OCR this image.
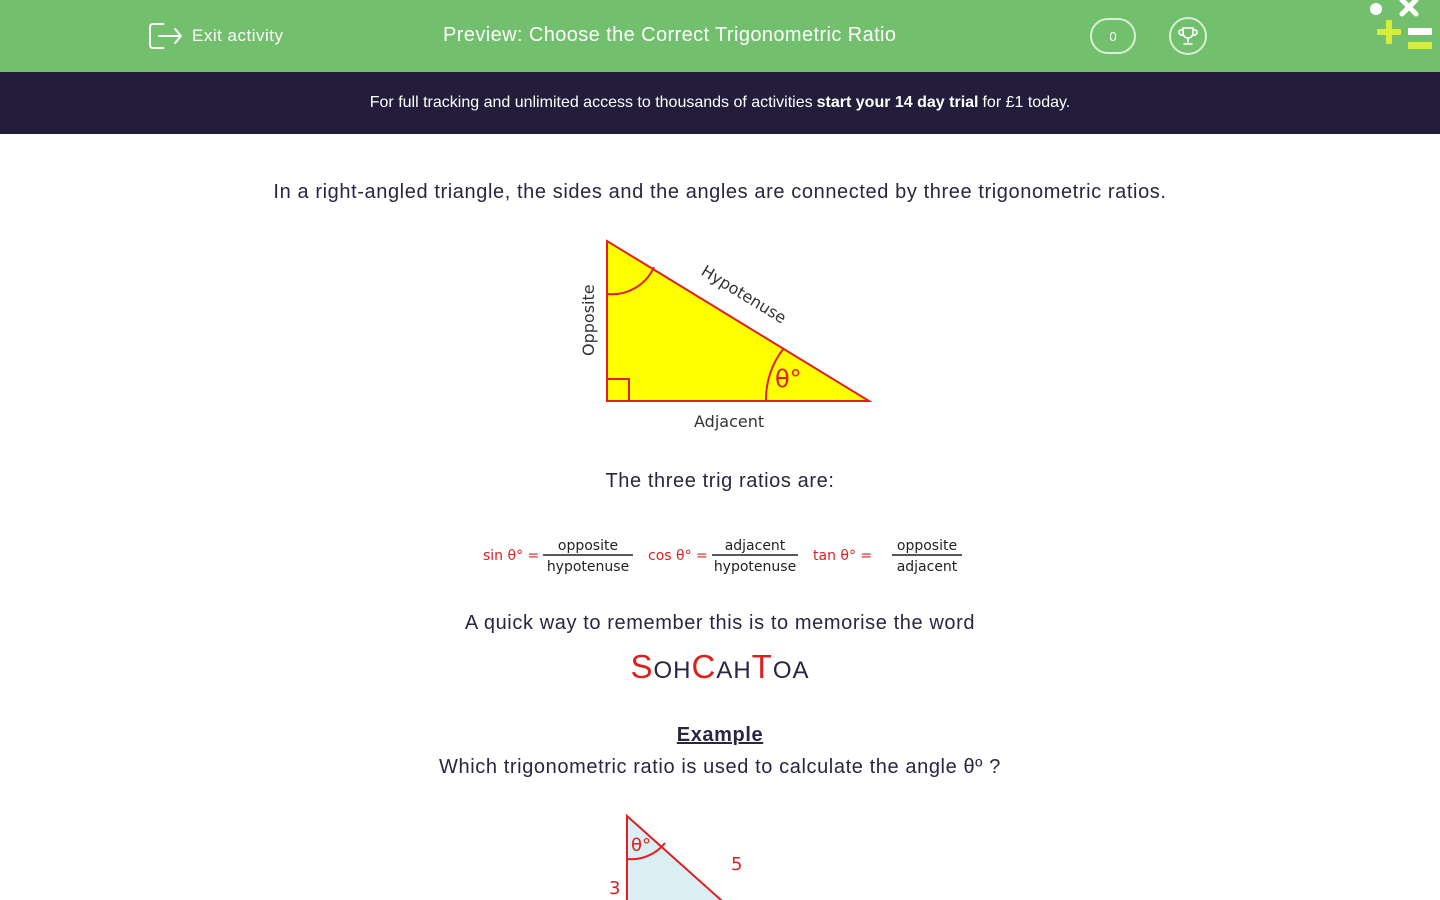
Exit activity	Preview: Choose the Correct Trigonometric Ratio	0
For full tracking and unlimited access to thousands of activities start your 14 day trial for £1 today.
In a right-angled triangle, the sides and the angles are connected by three trigonometric ratios.
θ°
Hypotenuse
Opposite
Adjacent
The three trig ratios are:
sin θ° =
opposite
hypotenuse
cos θ° =
adjacent
hypotenuse
tan θ° =
opposite
adjacent
A quick way to remember this is to memorise the word
SOHCAHTOA
Example
Which trigonometric ratio is used to calculate the angle θº ?
θ°
5
3
